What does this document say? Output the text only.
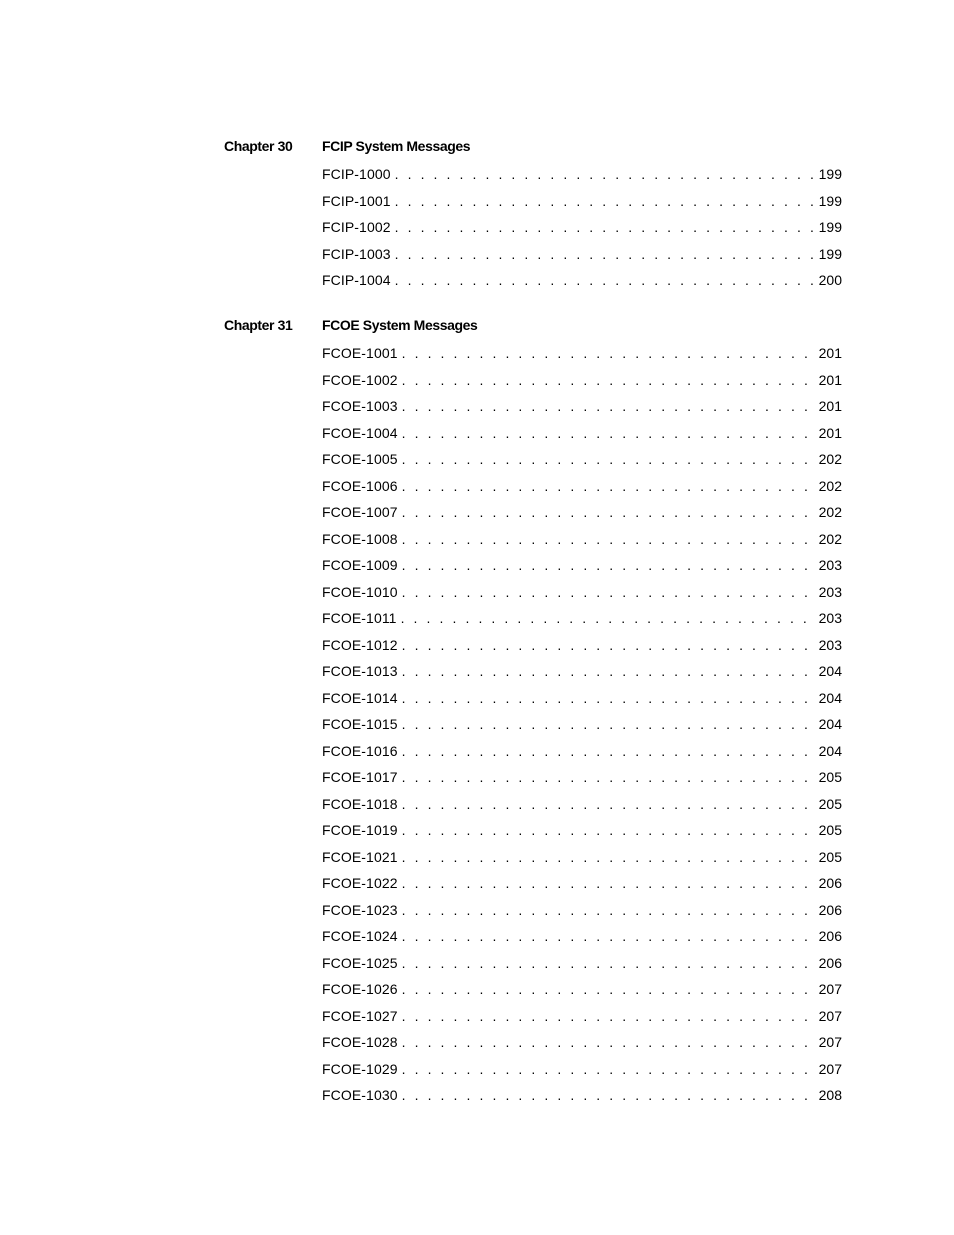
Chapter 30 FCIP System Messages
FCIP-1000 . . .	199
FCIP-1001 . . .	199
FCIP-1002 . . .	199
FCIP-1003 . . .	199
FCIP-1004 . . .	200
Chapter 31 FCOE System Messages
FCOE-1001 . . .	201
FCOE-1002 . . .	201
FCOE-1003 . . .	201
FCOE-1004 . . .	201
FCOE-1005 . . .	202
FCOE-1006 . . .	202
FCOE-1007 . . .	202
FCOE-1008 . . .	202
FCOE-1009 . . .	203
FCOE-1010 . . .	203
FCOE-1011 . . .	203
FCOE-1012 . . .	203
FCOE-1013 . . .	204
FCOE-1014 . . .	204
FCOE-1015 . . .	204
FCOE-1016 . . .	204
FCOE-1017 . . .	205
FCOE-1018 . . .	205
FCOE-1019 . . .	205
FCOE-1021 . . .	205
FCOE-1022 . . .	206
FCOE-1023 . . .	206
FCOE-1024 . . .	206
FCOE-1025 . . .	206
FCOE-1026 . . .	207
FCOE-1027 . . .	207
FCOE-1028 . . .	207
FCOE-1029 . . .	207
FCOE-1030 . . .	208
